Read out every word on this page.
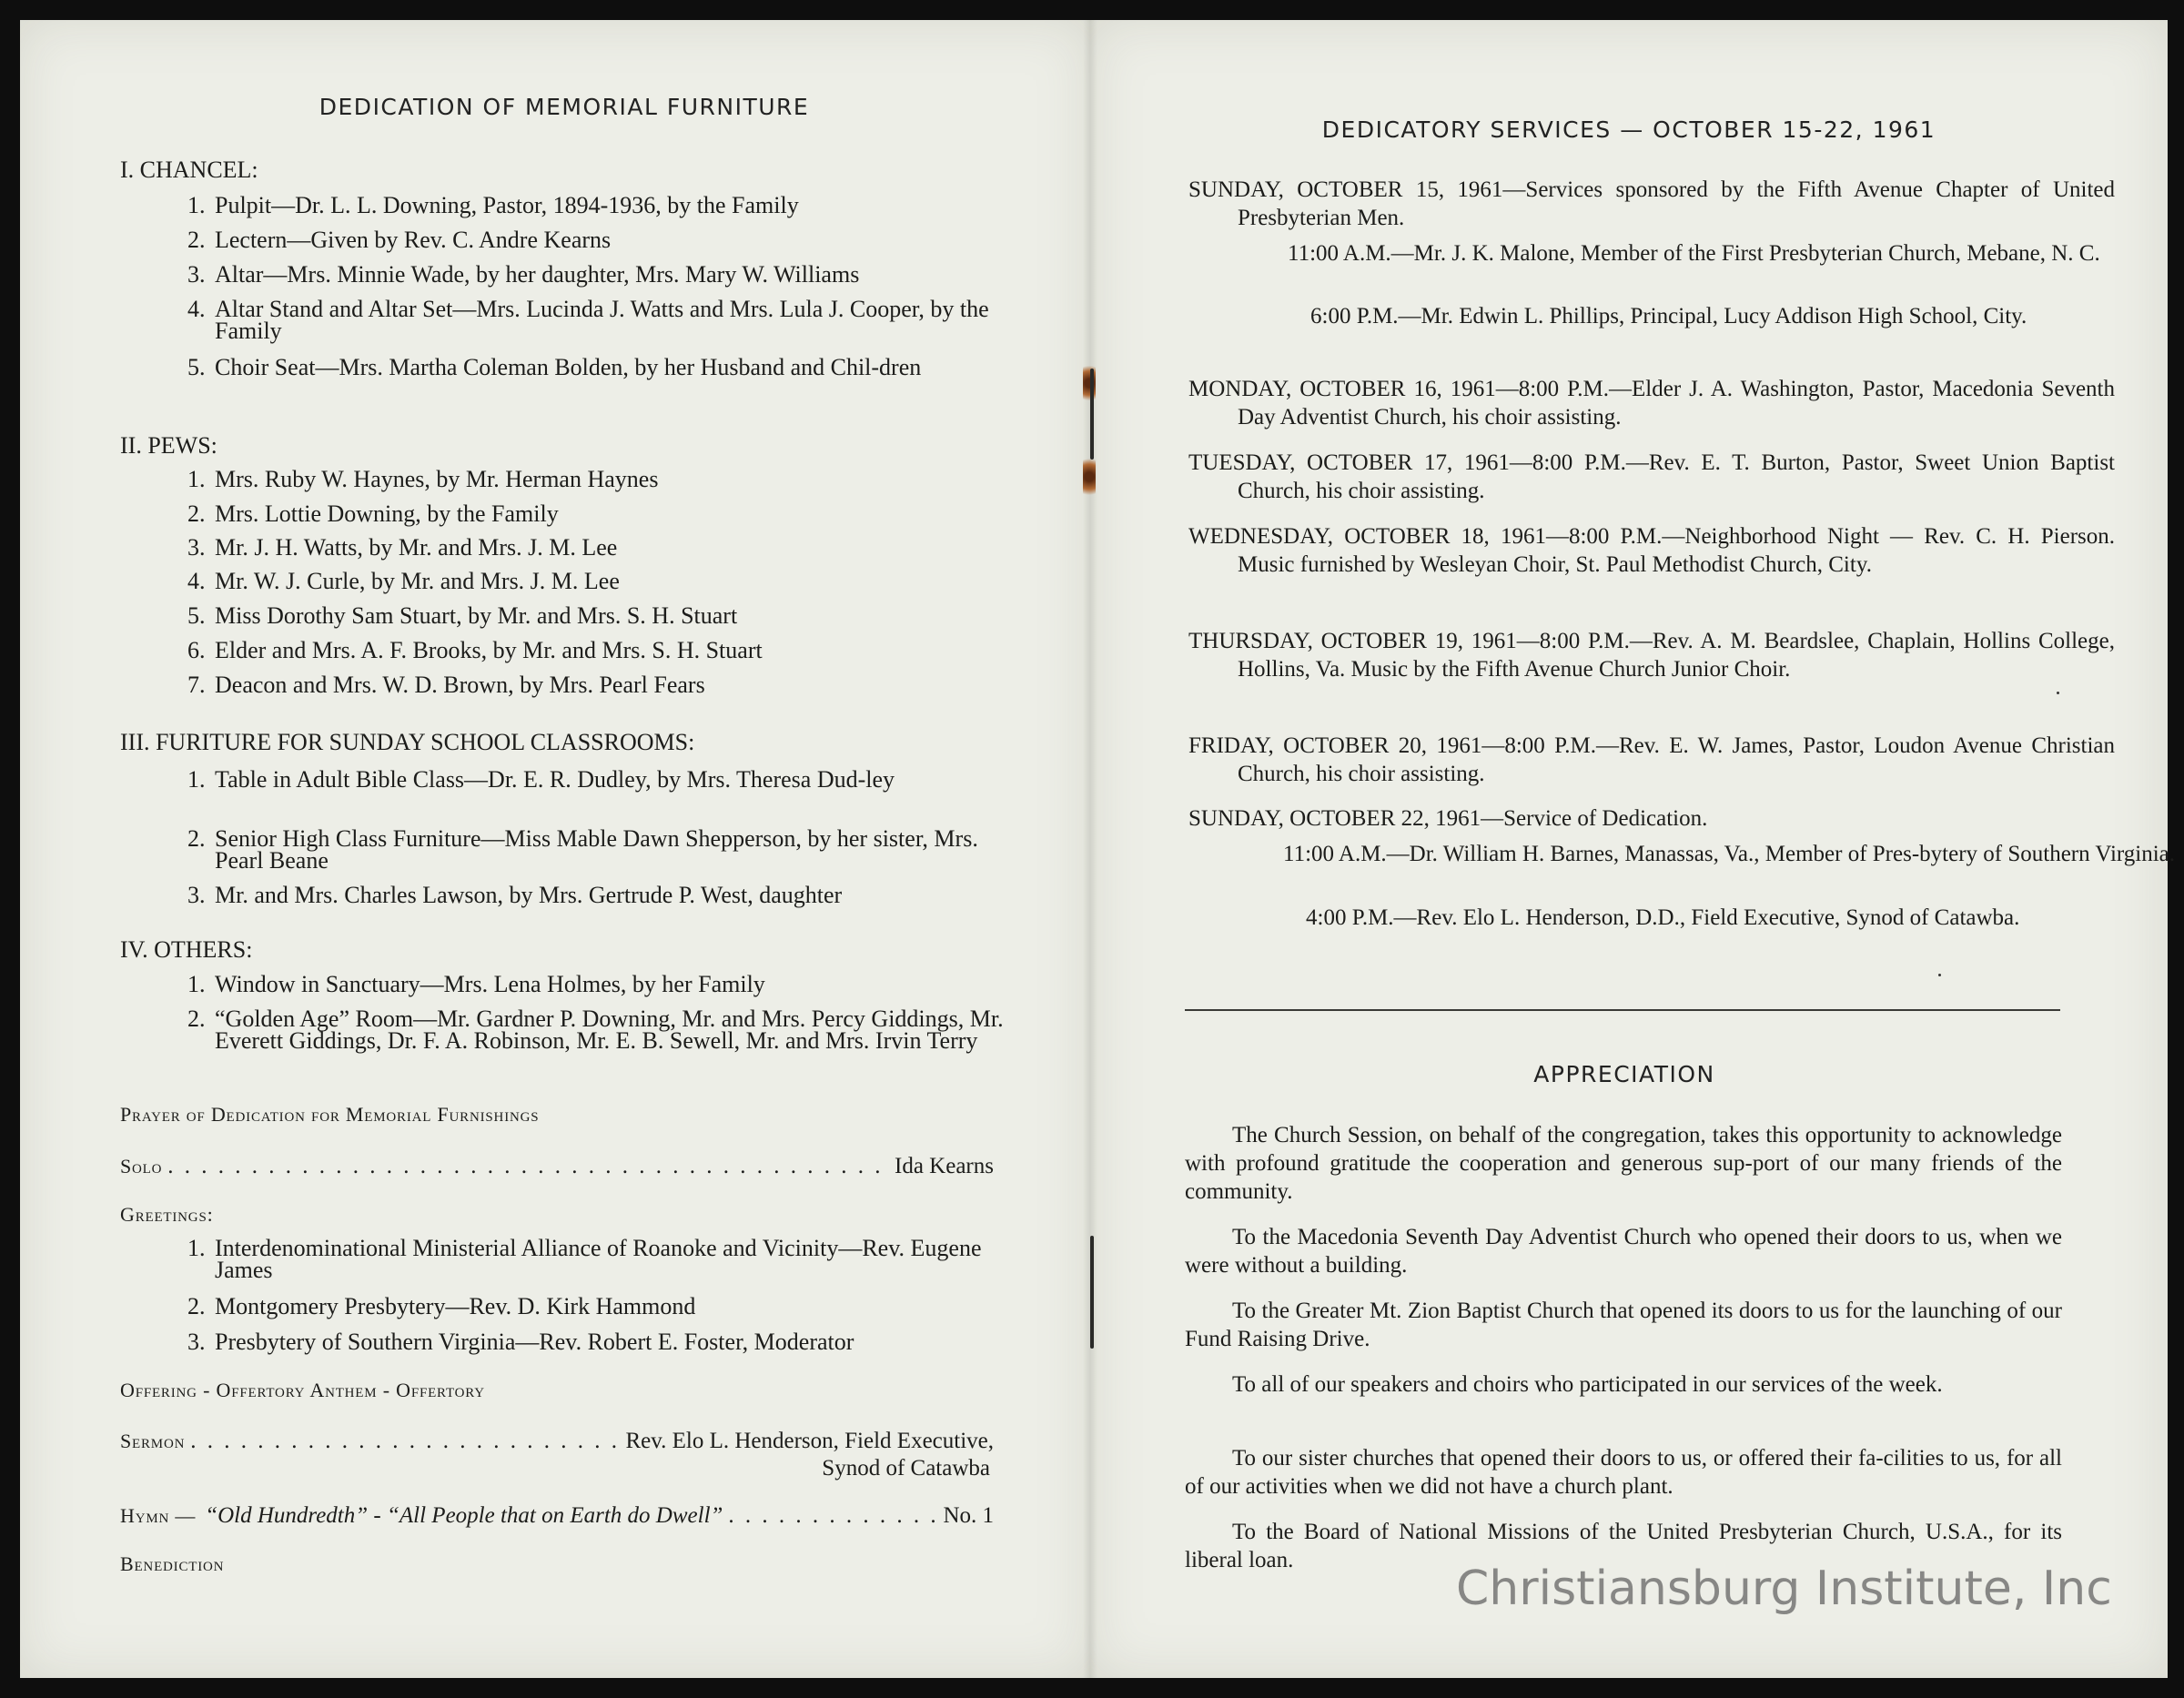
DEDICATION OF MEMORIAL FURNITURE
I. CHANCEL:
1. Pulpit—Dr. L. L. Downing, Pastor, 1894-1936, by the Family
2. Lectern—Given by Rev. C. Andre Kearns
3. Altar—Mrs. Minnie Wade, by her daughter, Mrs. Mary W. Williams
4. Altar Stand and Altar Set—Mrs. Lucinda J. Watts and Mrs. Lula J. Cooper, by the Family
5. Choir Seat—Mrs. Martha Coleman Bolden, by her Husband and Chil-dren
II. PEWS:
1. Mrs. Ruby W. Haynes, by Mr. Herman Haynes
2. Mrs. Lottie Downing, by the Family
3. Mr. J. H. Watts, by Mr. and Mrs. J. M. Lee
4. Mr. W. J. Curle, by Mr. and Mrs. J. M. Lee
5. Miss Dorothy Sam Stuart, by Mr. and Mrs. S. H. Stuart
6. Elder and Mrs. A. F. Brooks, by Mr. and Mrs. S. H. Stuart
7. Deacon and Mrs. W. D. Brown, by Mrs. Pearl Fears
III. FURITURE FOR SUNDAY SCHOOL CLASSROOMS:
1. Table in Adult Bible Class—Dr. E. R. Dudley, by Mrs. Theresa Dud-ley
2. Senior High Class Furniture—Miss Mable Dawn Shepperson, by her sister, Mrs. Pearl Beane
3. Mr. and Mrs. Charles Lawson, by Mrs. Gertrude P. West, daughter
IV. OTHERS:
1. Window in Sanctuary—Mrs. Lena Holmes, by her Family
2. “Golden Age” Room—Mr. Gardner P. Downing, Mr. and Mrs. Percy Giddings, Mr. Everett Giddings, Dr. F. A. Robinson, Mr. E. B. Sewell, Mr. and Mrs. Irvin Terry
Prayer of Dedication for Memorial Furnishings
Solo . . .	Ida Kearns
Greetings:
1. Interdenominational Ministerial Alliance of Roanoke and Vicinity—Rev. Eugene James
2. Montgomery Presbytery—Rev. D. Kirk Hammond
3. Presbytery of Southern Virginia—Rev. Robert E. Foster, Moderator
Offering - Offertory Anthem - Offertory
Sermon . . .	Rev. Elo L. Henderson, Field Executive,
Synod of Catawba
Hymn — “Old Hundredth” - “All People that on Earth do Dwell” . . .	No. 1
Benediction
DEDICATORY SERVICES — OCTOBER 15-22, 1961
SUNDAY, OCTOBER 15, 1961—Services sponsored by the Fifth Avenue Chapter of United Presbyterian Men.
11:00 A.M.—Mr. J. K. Malone, Member of the First Presbyterian Church, Mebane, N. C.
6:00 P.M.—Mr. Edwin L. Phillips, Principal, Lucy Addison High School, City.
MONDAY, OCTOBER 16, 1961—8:00 P.M.—Elder J. A. Washington, Pastor, Macedonia Seventh Day Adventist Church, his choir assisting.
TUESDAY, OCTOBER 17, 1961—8:00 P.M.—Rev. E. T. Burton, Pastor, Sweet Union Baptist Church, his choir assisting.
WEDNESDAY, OCTOBER 18, 1961—8:00 P.M.—Neighborhood Night — Rev. C. H. Pierson. Music furnished by Wesleyan Choir, St. Paul Methodist Church, City.
THURSDAY, OCTOBER 19, 1961—8:00 P.M.—Rev. A. M. Beardslee, Chaplain, Hollins College, Hollins, Va. Music by the Fifth Avenue Church Junior Choir.
FRIDAY, OCTOBER 20, 1961—8:00 P.M.—Rev. E. W. James, Pastor, Loudon Avenue Christian Church, his choir assisting.
SUNDAY, OCTOBER 22, 1961—Service of Dedication.
11:00 A.M.—Dr. William H. Barnes, Manassas, Va., Member of Pres-bytery of Southern Virginia.
4:00 P.M.—Rev. Elo L. Henderson, D.D., Field Executive, Synod of Catawba.
APPRECIATION
The Church Session, on behalf of the congregation, takes this opportunity to acknowledge with profound gratitude the cooperation and generous sup-port of our many friends of the community.
To the Macedonia Seventh Day Adventist Church who opened their doors to us, when we were without a building.
To the Greater Mt. Zion Baptist Church that opened its doors to us for the launching of our Fund Raising Drive.
To all of our speakers and choirs who participated in our services of the week.
To our sister churches that opened their doors to us, or offered their fa-cilities to us, for all of our activities when we did not have a church plant.
To the Board of National Missions of the United Presbyterian Church, U.S.A., for its liberal loan.
Christiansburg Institute, Inc
